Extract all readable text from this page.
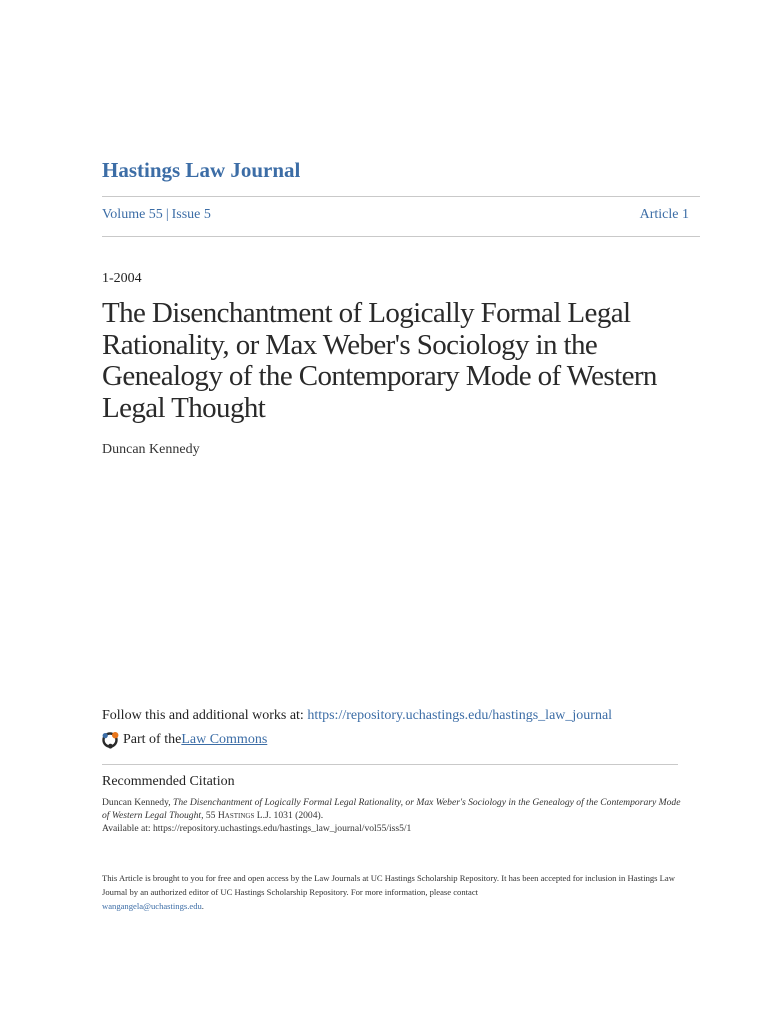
Hastings Law Journal
Volume 55 | Issue 5	Article 1
1-2004
The Disenchantment of Logically Formal Legal Rationality, or Max Weber's Sociology in the Genealogy of the Contemporary Mode of Western Legal Thought
Duncan Kennedy
Follow this and additional works at: https://repository.uchastings.edu/hastings_law_journal
Part of the Law Commons
Recommended Citation
Duncan Kennedy, The Disenchantment of Logically Formal Legal Rationality, or Max Weber's Sociology in the Genealogy of the Contemporary Mode of Western Legal Thought, 55 Hastings L.J. 1031 (2004).
Available at: https://repository.uchastings.edu/hastings_law_journal/vol55/iss5/1
This Article is brought to you for free and open access by the Law Journals at UC Hastings Scholarship Repository. It has been accepted for inclusion in Hastings Law Journal by an authorized editor of UC Hastings Scholarship Repository. For more information, please contact
wangangela@uchastings.edu.
